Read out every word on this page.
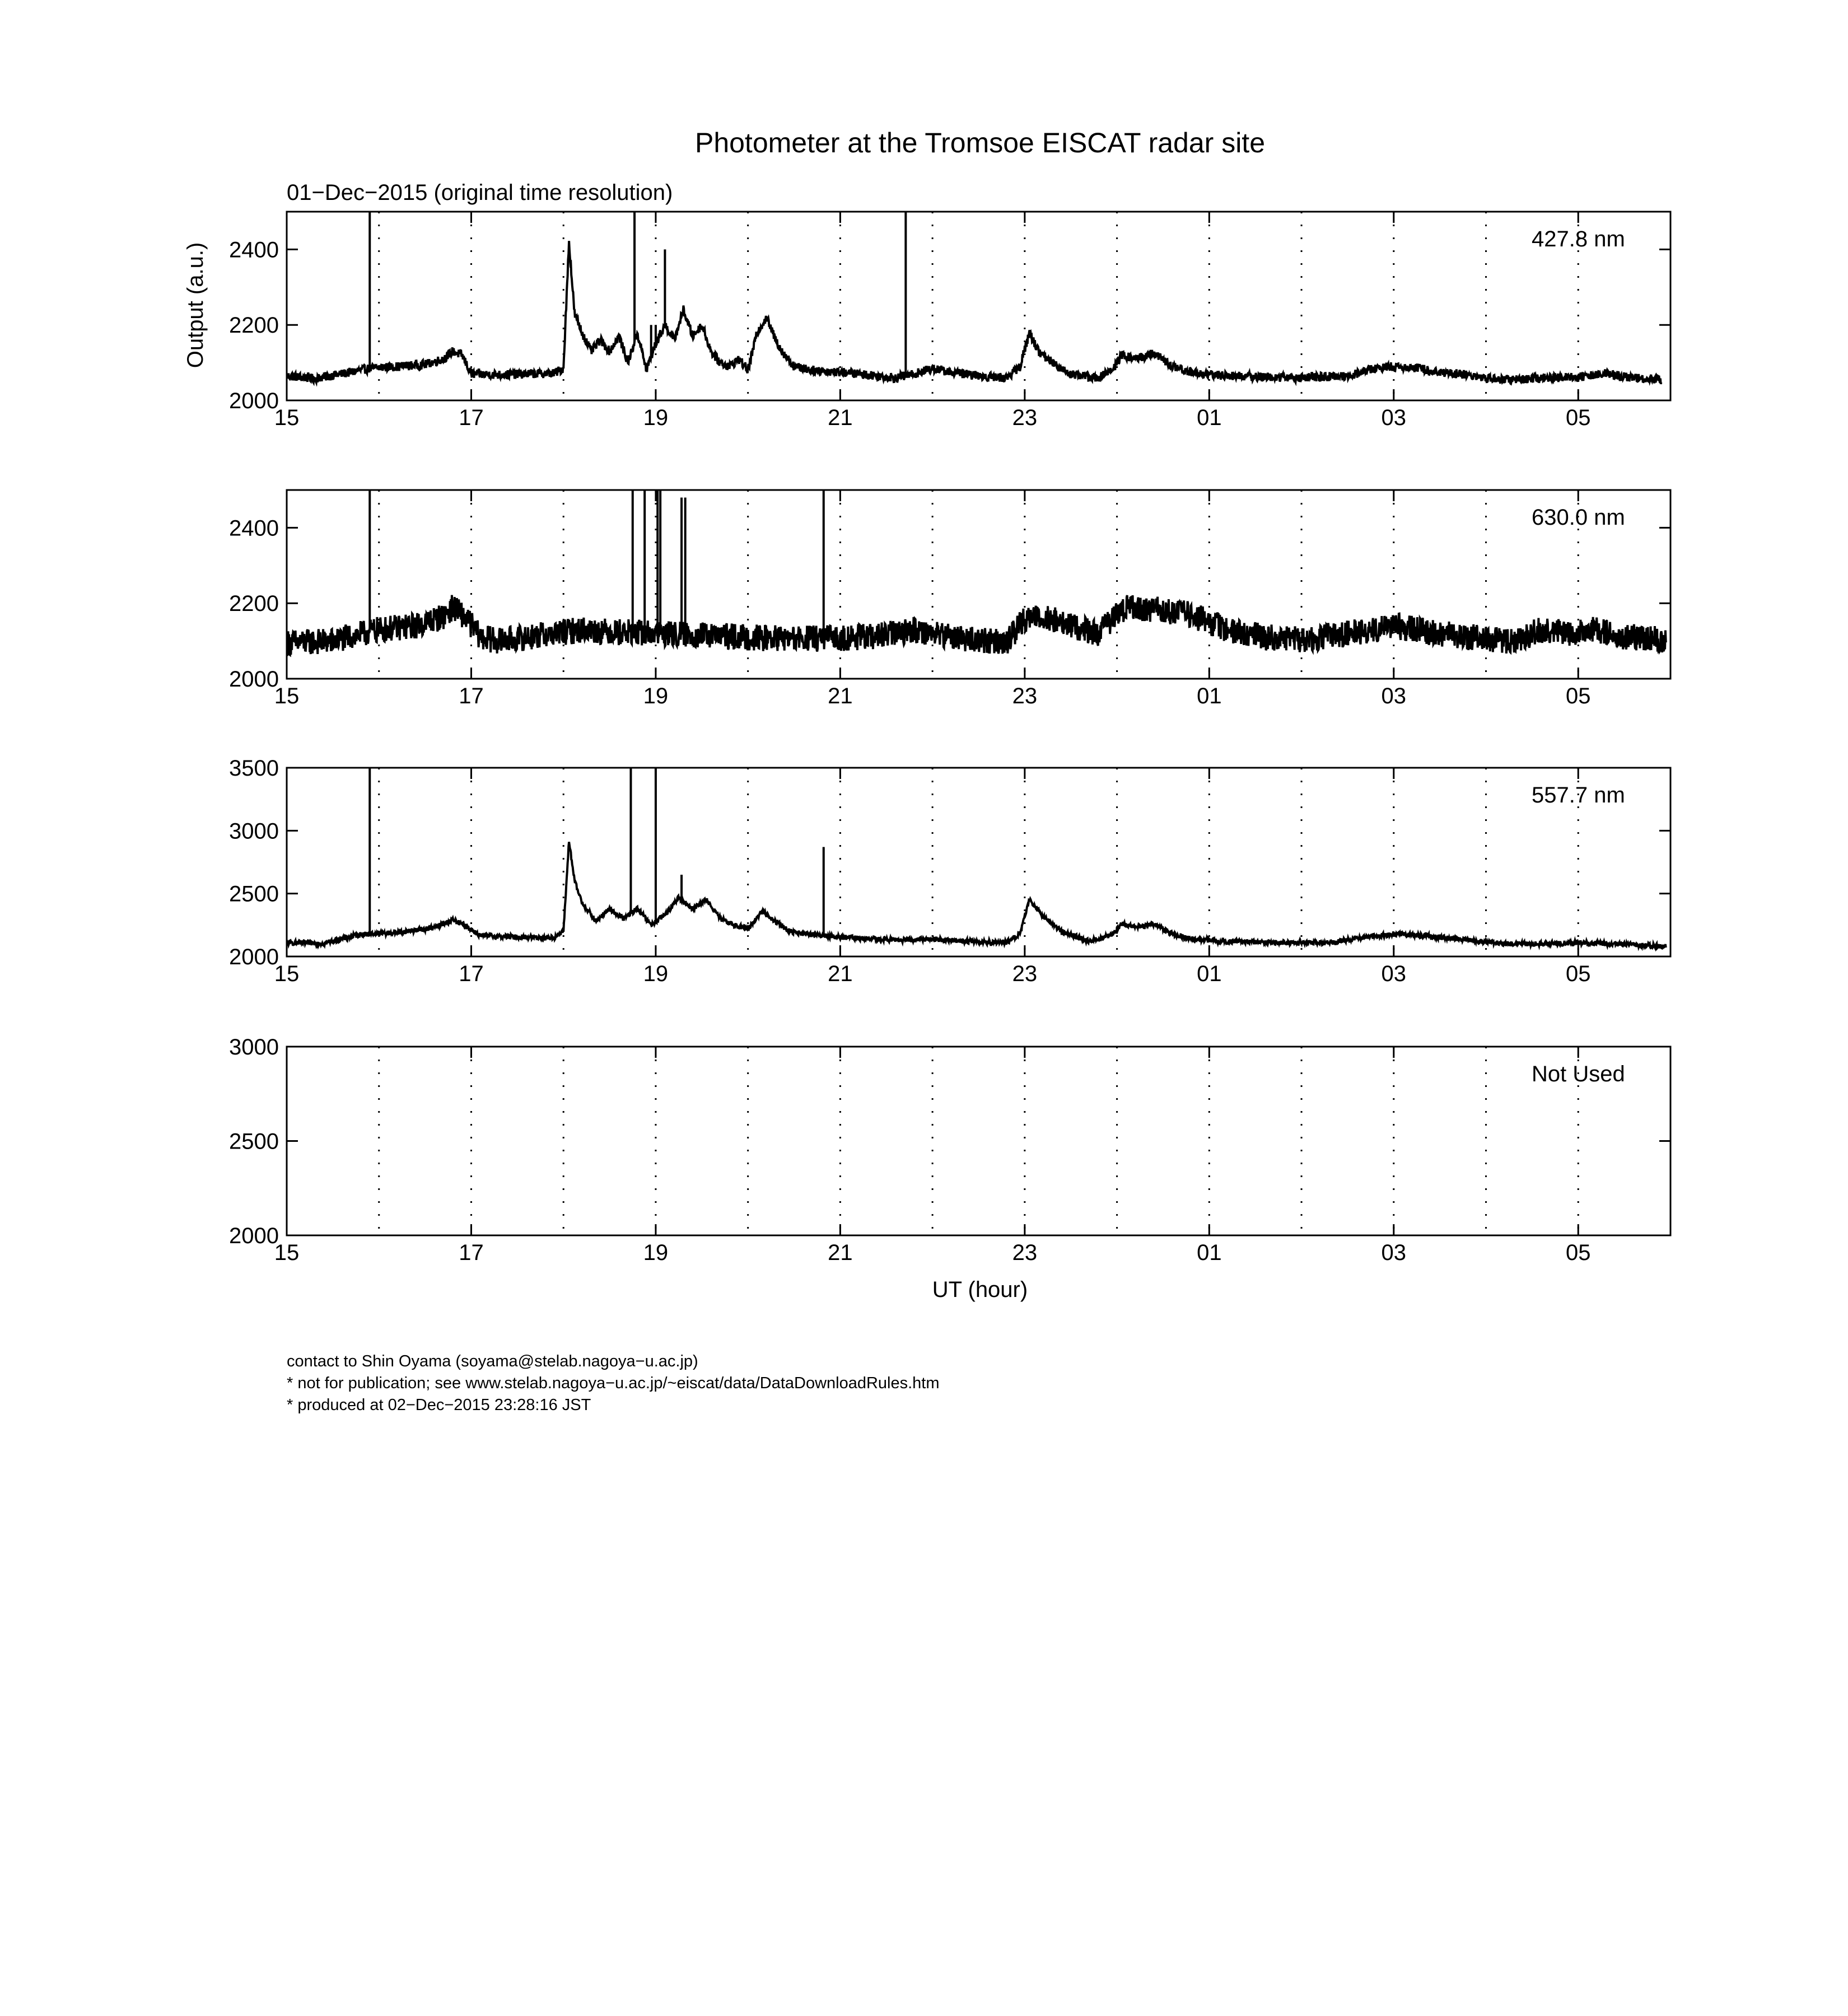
Photometer at the Tromsoe EISCAT radar site
01−Dec−2015 (original time resolution)
Output (a.u.)
UT (hour)
15	17	19	21	23	01	03	05
2000
2200
2400	427.8 nm
15	17	19	21	23	01	03	05
2000
2200
2400	630.0 nm
15	17	19	21	23	01	03	05
2000
2500
3000
3500
557.7 nm
15	17	19	21	23	01	03	05
2000
2500
3000
Not Used
contact to Shin Oyama (soyama@stelab.nagoya−u.ac.jp)
* not for publication; see www.stelab.nagoya−u.ac.jp/~eiscat/data/DataDownloadRules.htm
* produced at 02−Dec−2015 23:28:16 JST
